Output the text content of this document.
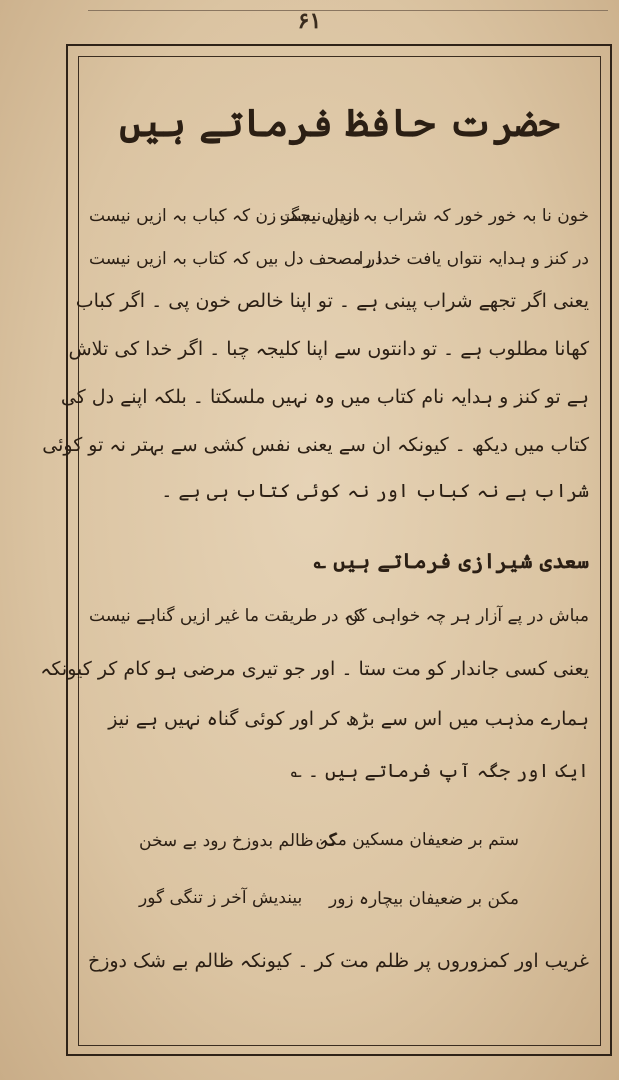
۶۱
حضرت حافظ فرماتے ہیں
خون نا بہ خور خور کہ شراب بہ ازیں نیست
دنداں بجگر زن کہ کباب بہ ازیں نیست
در کنز و ہدایہ نتواں یافت خدا را
در مصحف دل بیں کہ کتاب بہ ازیں نیست
یعنی اگر تجھے شراب پینی ہے ۔ تو اپنا خالص خون پی ۔ اگر کباب
کھانا مطلوب ہے ۔ تو دانتوں سے اپنا کلیجہ چبا ۔ اگر خدا کی تلاش
ہے تو کنز و ہدایہ نام کتاب میں وہ نہیں ملسکتا ۔ بلکہ اپنے دل کی
کتاب میں دیکھ ۔ کیونکہ ان سے یعنی نفس کشی سے بہتر نہ تو کوئی
شراب ہے نہ کباب اور نہ کوئی کتاب ہی ہے ۔
سعدی شیرازی فرماتے ہیں ؎
مباش در پے آزار ہر چہ خواہی کن
کہ در طریقت ما غیر ازیں گناہے نیست
یعنی کسی جاندار کو مت ستا ۔ اور جو تیری مرضی ہو کام کر کیونکہ
ہمارے مذہب میں اس سے بڑھ کر اور کوئی گناہ نہیں ہے نیز
ایک اور جگہ آپ فرماتے ہیں ۔ ؎
ستم بر ضعیفان مسکین مکن
کہ ظالم بدوزخ رود بے سخن
مکن بر ضعیفان بیچارہ زور
بیندیش آخر ز تنگی گور
غریب اور کمزوروں پر ظلم مت کر ۔ کیونکہ ظالم بے شک دوزخ
